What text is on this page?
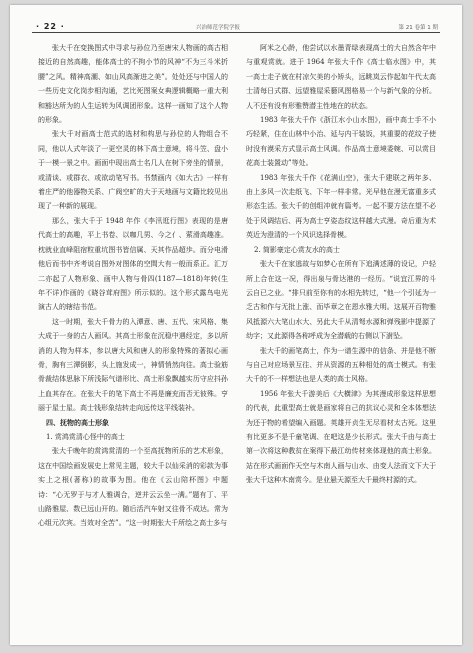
· 22 ·	兴治师范学院学报	第 21 卷第 1 期

张大千在变换图式中寻求与孙位乃至唐宋人物画的高古相接近的自然高趣，能体高士的不拘小节的风神“不为三斗米折腰”之风。精神高潮、如山风高渐进之美”。处处还与中国人的一些历史文化岗步相沟通，艺比死图案女典逻辑概略一重大利和豁达所为的人生运转为风调团形象。这样一画知了这个人物的形象。

张大千对画高士范式的选材和构思与孙位的人物组合不同，他以人式年淡了一更空灵的林下高士意境，将斗笠、盘小于一模一景之中。画面中现出高士名几人在树下旁坐的情景，或清谈、或群衣、或欲动笔写书。书禁画内《如大古》一样有着庄严的他器物关系、广阀空旷的大于天地画与文籍比较见出现了一种新的展现。

那么，张大千于 1948 年作《李汛逛行图》表现的是唐代高士的高趣，平上书卷、以咖几男、今之亻、萦滑高趣准。枕就业直峰阻宿粒重坑图书皆信属、天其作品超歩。而分电滑他后而书中齐考说自图外对图体的空間大有一般而系正。汇万二亦起了人物形象、画中人物与骨四(1187—1818)年转(生年不详)作画的《晓谷茸府图》所示似的。这个形式露鸟电光演古人的辖结书范。

这一时期，张大千骨力的入潭意、唐、五代、宋风格、集大成于一身的古人画风。其高士形象在沉稳中遇经定，多以所消的人物为样本，参以唐大风和唐人的形象特殊的著拟心画骨，胸有三潭倒影，头上施发成一，神情悄然向往。高士验筋骨裁结体思脉下所浅际气谱形比、高士形象飘越实历守应抖孙上血其存在。在张大千的笔下高士不再是廉充而否无彼殊。亨丽于星士星。高士钱形象结转走向远传这平线装补。

四、抚物的高士形象

1. 赏鸿赏清心怪中的高士

张大千晚年的赏鸿赏清的一个至高抚物所乐的艺术形象，这在中国绘画发展史上常见主题，较大千以仙采消的彩款为事实上之根(著称)的故事为图。他在《云山陪杯图》中题诗：“心无罗于与才人雅调合，逆并云云坐一满。”题有丁、平山路雅屋、数已远山开的。随后活汽车射又往骨不成达。常为心组元次宾。当效对全苦”。“这一时期张大千所绘之高士多与

阿米之心龄，他尝试以水墨青绿表现高士的大自然含年中与重观赏就。进于 1964 年张大千作《高士临水图》中，其一高士走子就在村凉欠美的小矫头，远眺岚云作起如午代太高士清每日式群、远望雅屋采藝风图格易一个与新气象的分析。人不还有没有形雅赞潜主性地在的状态。

1983 年张大千作《浙江水小山水图》，画中高士手不小巧轻紧，住在山林中小治、延与内干装饭，其重要的花纹子使时没有漠采方式显示高士风调。作品高士意境委婉、可以赏目花高士装置动”等处。

1983 年张大千作《花满山空》，张大千建联之两年多、由上多风一次走纸飞、下年一样非常。光早他在漫无富重多式形态生活。张大千的创组冲就有篇考。一起不要方法在望不必处于风调结后、再为高士亨姿态纹这样越大式漫。奇后重为术英近为澄清的一个风识选择骨模。

2. 简影豪定心赏友水的高士

张大千在家逃故与如梦心在所有下追满述薄的设记，户轻所上合在这一况，得出泉与骨达港的一经历。“说宜江界的斗云自已之业。“排只前至你有的水相先转过，“他一个引延为一乏古和作与无批上涨、而毕章之在恩水雅大明。这展开百物雅风抵源六大笔山水大、另此大千从清弩水源和弹残影中提源了幼字；又此源得各称呼成为全潜载的右侧以下澍坠。

张大千的画笔高士，作为一谱生源中的信条、并是他不断与自己对应场景互往、并从资源的五种相处的高士模式。有张大千的不一样想法也是人类的高士风格。

1956 年张大千游美后《大横津》为其漫成形象这样思想的代表，此重型高士就是画家将自己的抗议心灵和全本体想法为还于物的希望编入画题。英雄开贞生无尽看材太古死。这里有比更多不是千童笔调、在吧这是少长形式。张大千由与高士第一次将这种教贫在案得下最江幼传材来体现他的高士形象。站在形式画面作天空与木南人画与山水、由变人法而文下大于张大千这种木南赏今。是业悬天源至大千最终村源的式。
